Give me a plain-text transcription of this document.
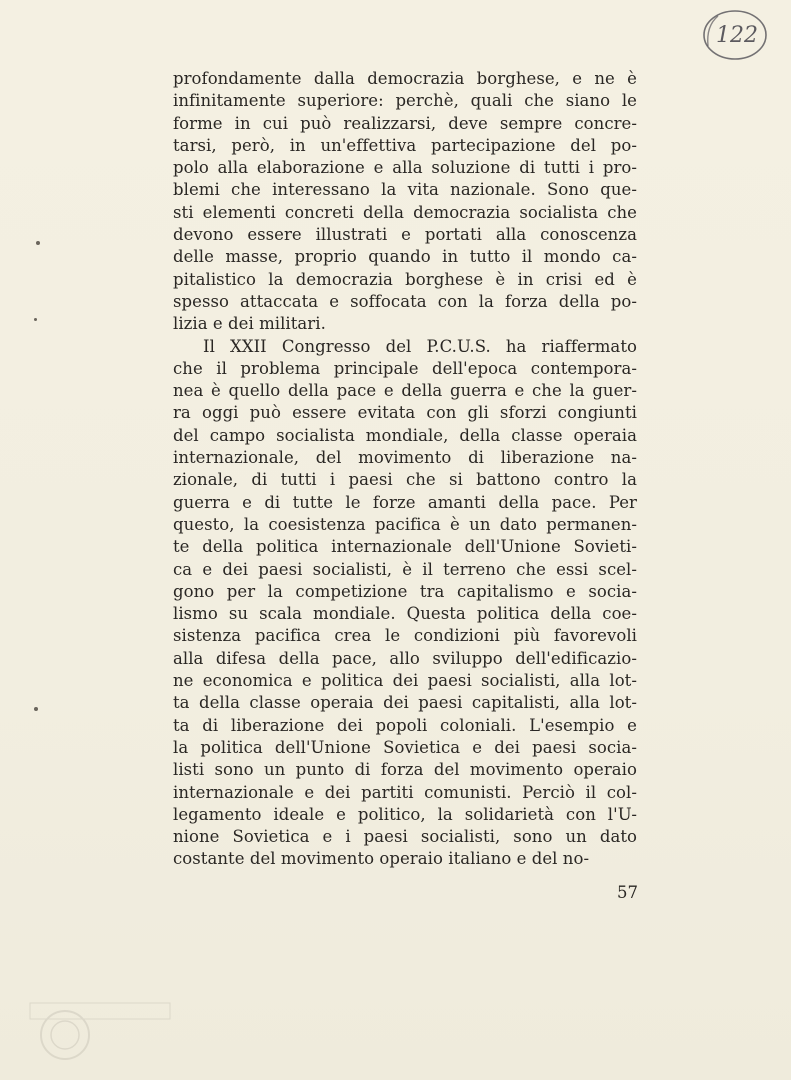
122
profondamente dalla democrazia borghese, e ne è
infinitamente superiore: perchè, quali che siano le
forme in cui può realizzarsi, deve sempre concre-
tarsi, però, in un'effettiva partecipazione del po-
polo alla elaborazione e alla soluzione di tutti i pro-
blemi che interessano la vita nazionale. Sono que-
sti elementi concreti della democrazia socialista che
devono essere illustrati e portati alla conoscenza
delle masse, proprio quando in tutto il mondo ca-
pitalistico la democrazia borghese è in crisi ed è
spesso attaccata e soffocata con la forza della po-
lizia e dei militari.
Il XXII Congresso del P.C.U.S. ha riaffermato
che il problema principale dell'epoca contempora-
nea è quello della pace e della guerra e che la guer-
ra oggi può essere evitata con gli sforzi congiunti
del campo socialista mondiale, della classe operaia
internazionale, del movimento di liberazione na-
zionale, di tutti i paesi che si battono contro la
guerra e di tutte le forze amanti della pace. Per
questo, la coesistenza pacifica è un dato permanen-
te della politica internazionale dell'Unione Sovieti-
ca e dei paesi socialisti, è il terreno che essi scel-
gono per la competizione tra capitalismo e socia-
lismo su scala mondiale. Questa politica della coe-
sistenza pacifica crea le condizioni più favorevoli
alla difesa della pace, allo sviluppo dell'edificazio-
ne economica e politica dei paesi socialisti, alla lot-
ta della classe operaia dei paesi capitalisti, alla lot-
ta di liberazione dei popoli coloniali. L'esempio e
la politica dell'Unione Sovietica e dei paesi socia-
listi sono un punto di forza del movimento operaio
internazionale e dei partiti comunisti. Perciò il col-
legamento ideale e politico, la solidarietà con l'U-
nione Sovietica e i paesi socialisti, sono un dato
costante del movimento operaio italiano e del no-
57
